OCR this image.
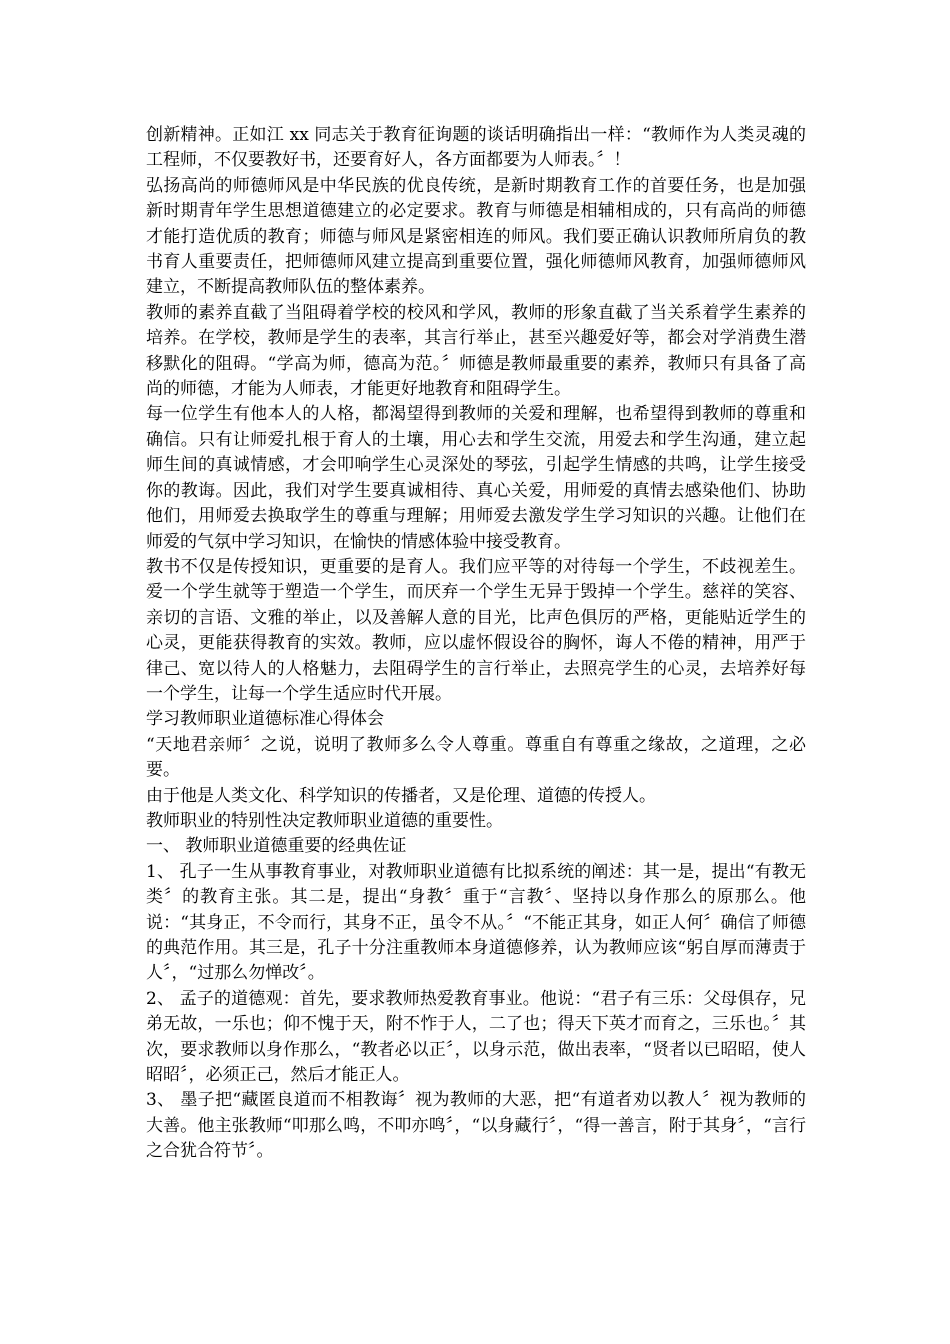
创新精神。正如江 xx 同志关于教育征询题的谈话明确指出一样：“教师作为人类灵魂的工程师，不仅要教好书，还要育好人，各方面都要为人师表。〞！

弘扬高尚的师德师风是中华民族的优良传统，是新时期教育工作的首要任务，也是加强新时期青年学生思想道德建立的必定要求。教育与师德是相辅相成的，只有高尚的师德才能打造优质的教育；师德与师风是紧密相连的师风。我们要正确认识教师所肩负的教书育人重要责任，把师德师风建立提高到重要位置，强化师德师风教育，加强师德师风建立，不断提高教师队伍的整体素养。

教师的素养直截了当阻碍着学校的校风和学风，教师的形象直截了当关系着学生素养的培养。在学校，教师是学生的表率，其言行举止，甚至兴趣爱好等，都会对学消费生潜移默化的阻碍。“学高为师，德高为范。〞师德是教师最重要的素养，教师只有具备了高尚的师德，才能为人师表，才能更好地教育和阻碍学生。

每一位学生有他本人的人格，都渴望得到教师的关爱和理解，也希望得到教师的尊重和确信。只有让师爱扎根于育人的土壤，用心去和学生交流，用爱去和学生沟通，建立起师生间的真诚情感，才会叩响学生心灵深处的琴弦，引起学生情感的共鸣，让学生接受你的教诲。因此，我们对学生要真诚相待、真心关爱，用师爱的真情去感染他们、协助他们，用师爱去换取学生的尊重与理解；用师爱去激发学生学习知识的兴趣。让他们在师爱的气氛中学习知识，在愉快的情感体验中接受教育。

教书不仅是传授知识，更重要的是育人。我们应平等的对待每一个学生，不歧视差生。爱一个学生就等于塑造一个学生，而厌弃一个学生无异于毁掉一个学生。慈祥的笑容、亲切的言语、文雅的举止，以及善解人意的目光，比声色俱厉的严格，更能贴近学生的心灵，更能获得教育的实效。教师，应以虚怀假设谷的胸怀，诲人不倦的精神，用严于律己、宽以待人的人格魅力，去阻碍学生的言行举止，去照亮学生的心灵，去培养好每一个学生，让每一个学生适应时代开展。

学习教师职业道德标准心得体会

“天地君亲师〞之说，说明了教师多么令人尊重。尊重自有尊重之缘故，之道理，之必要。

由于他是人类文化、科学知识的传播者，又是伦理、道德的传授人。

教师职业的特别性决定教师职业道德的重要性。

一、 教师职业道德重要的经典佐证

1、 孔子一生从事教育事业，对教师职业道德有比拟系统的阐述：其一是，提出“有教无类〞的教育主张。其二是，提出“身教〞重于“言教〞、坚持以身作那么的原那么。他说：“其身正，不令而行，其身不正，虽令不从。〞“不能正其身，如正人何〞确信了师德的典范作用。其三是，孔子十分注重教师本身道德修养，认为教师应该“躬自厚而薄责于人〞，“过那么勿惮改〞。

2、 孟子的道德观：首先，要求教师热爱教育事业。他说：“君子有三乐：父母俱存，兄弟无故，一乐也；仰不愧于天，附不怍于人，二了也；得天下英才而育之，三乐也。〞其次，要求教师以身作那么，“教者必以正〞，以身示范，做出表率，“贤者以已昭昭，使人昭昭〞，必须正己，然后才能正人。

3、 墨子把“藏匿良道而不相教诲〞视为教师的大恶，把“有道者劝以教人〞视为教师的大善。他主张教师“叩那么鸣，不叩亦鸣〞，“以身藏行〞，“得一善言，附于其身〞，“言行之合犹合符节〞。
